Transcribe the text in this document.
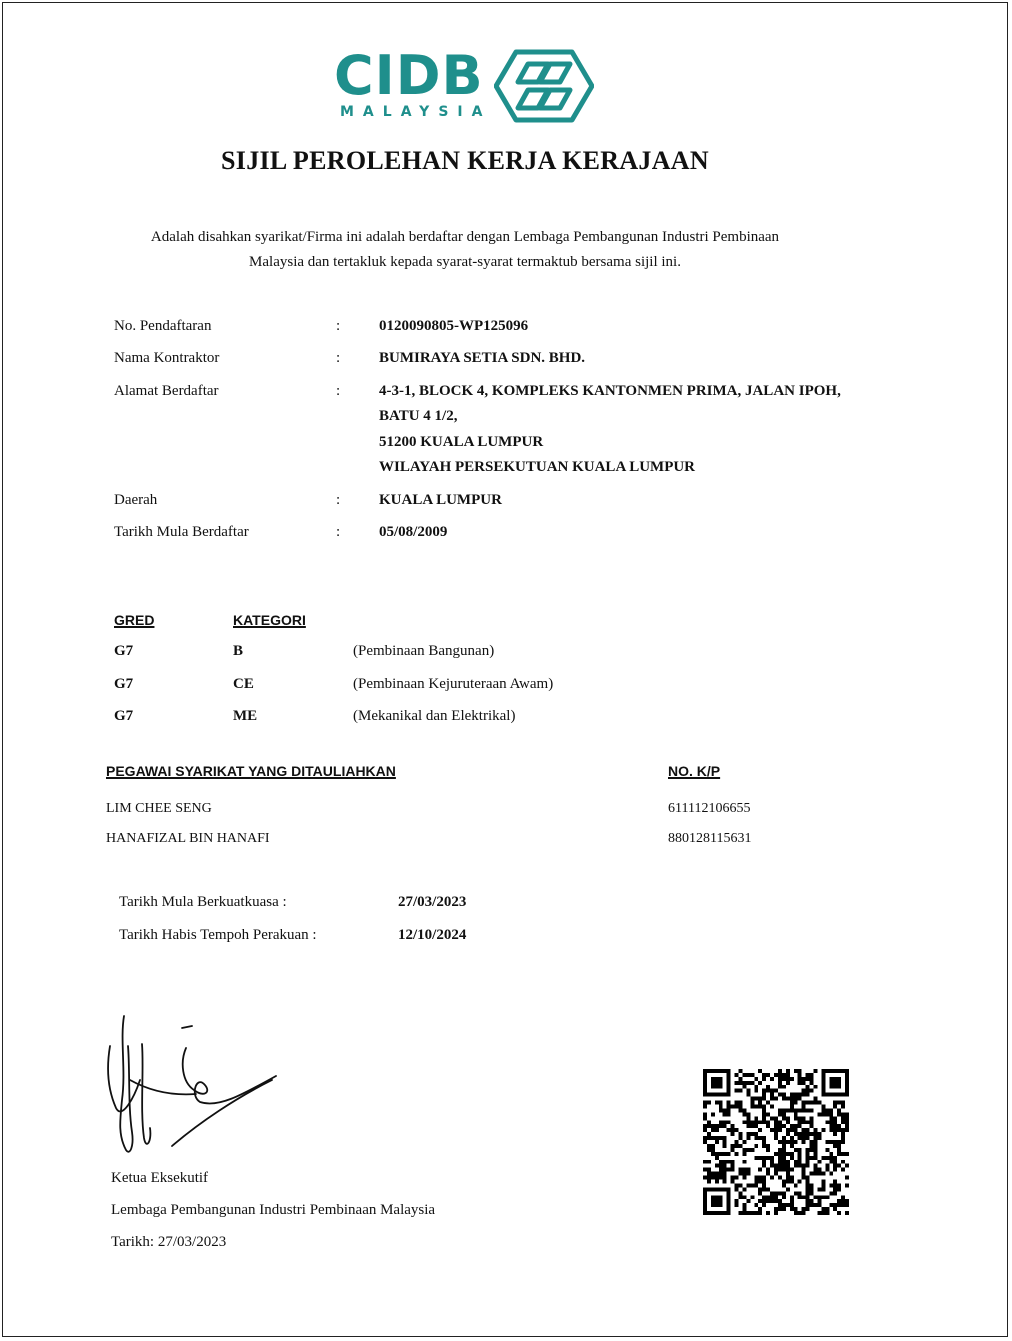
CIDB
MALAYSIA
SIJIL PEROLEHAN KERJA KERAJAAN
Adalah disahkan syarikat/Firma ini adalah berdaftar dengan Lembaga Pembangunan Industri Pembinaan
Malaysia dan tertakluk kepada syarat-syarat termaktub bersama sijil ini.
No. Pendaftaran	:	0120090805-WP125096
Nama Kontraktor	:	BUMIRAYA SETIA SDN. BHD.
Alamat Berdaftar	:	4-3-1, BLOCK 4, KOMPLEKS KANTONMEN PRIMA, JALAN IPOH,
BATU 4 1/2,
51200 KUALA LUMPUR
WILAYAH PERSEKUTUAN KUALA LUMPUR
Daerah	:	KUALA LUMPUR
Tarikh Mula Berdaftar	:	05/08/2009
GRED	KATEGORI
G7	B	(Pembinaan Bangunan)
G7	CE	(Pembinaan Kejuruteraan Awam)
G7	ME	(Mekanikal dan Elektrikal)
PEGAWAI SYARIKAT YANG DITAULIAHKAN	NO. K/P
LIM CHEE SENG	611112106655
HANAFIZAL BIN HANAFI	880128115631
Tarikh Mula Berkuatkuasa :	27/03/2023
Tarikh Habis Tempoh Perakuan :	12/10/2024
Ketua Eksekutif
Lembaga Pembangunan Industri Pembinaan Malaysia
Tarikh: 27/03/2023
